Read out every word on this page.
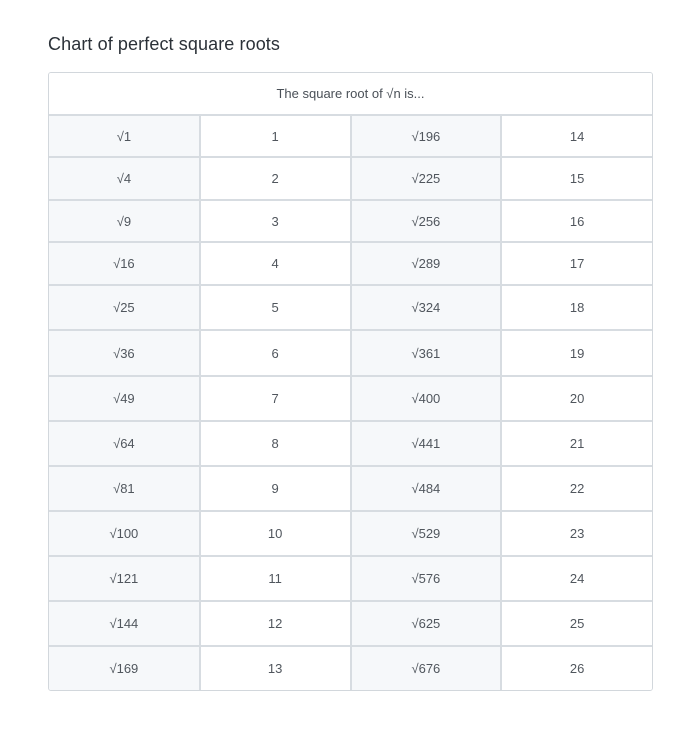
Chart of perfect square roots
The square root of √n is...			
√1	1	√196	14
√4	2	√225	15
√9	3	√256	16
√16	4	√289	17
√25	5	√324	18
√36	6	√361	19
√49	7	√400	20
√64	8	√441	21
√81	9	√484	22
√100	10	√529	23
√121	11	√576	24
√144	12	√625	25
√169	13	√676	26
